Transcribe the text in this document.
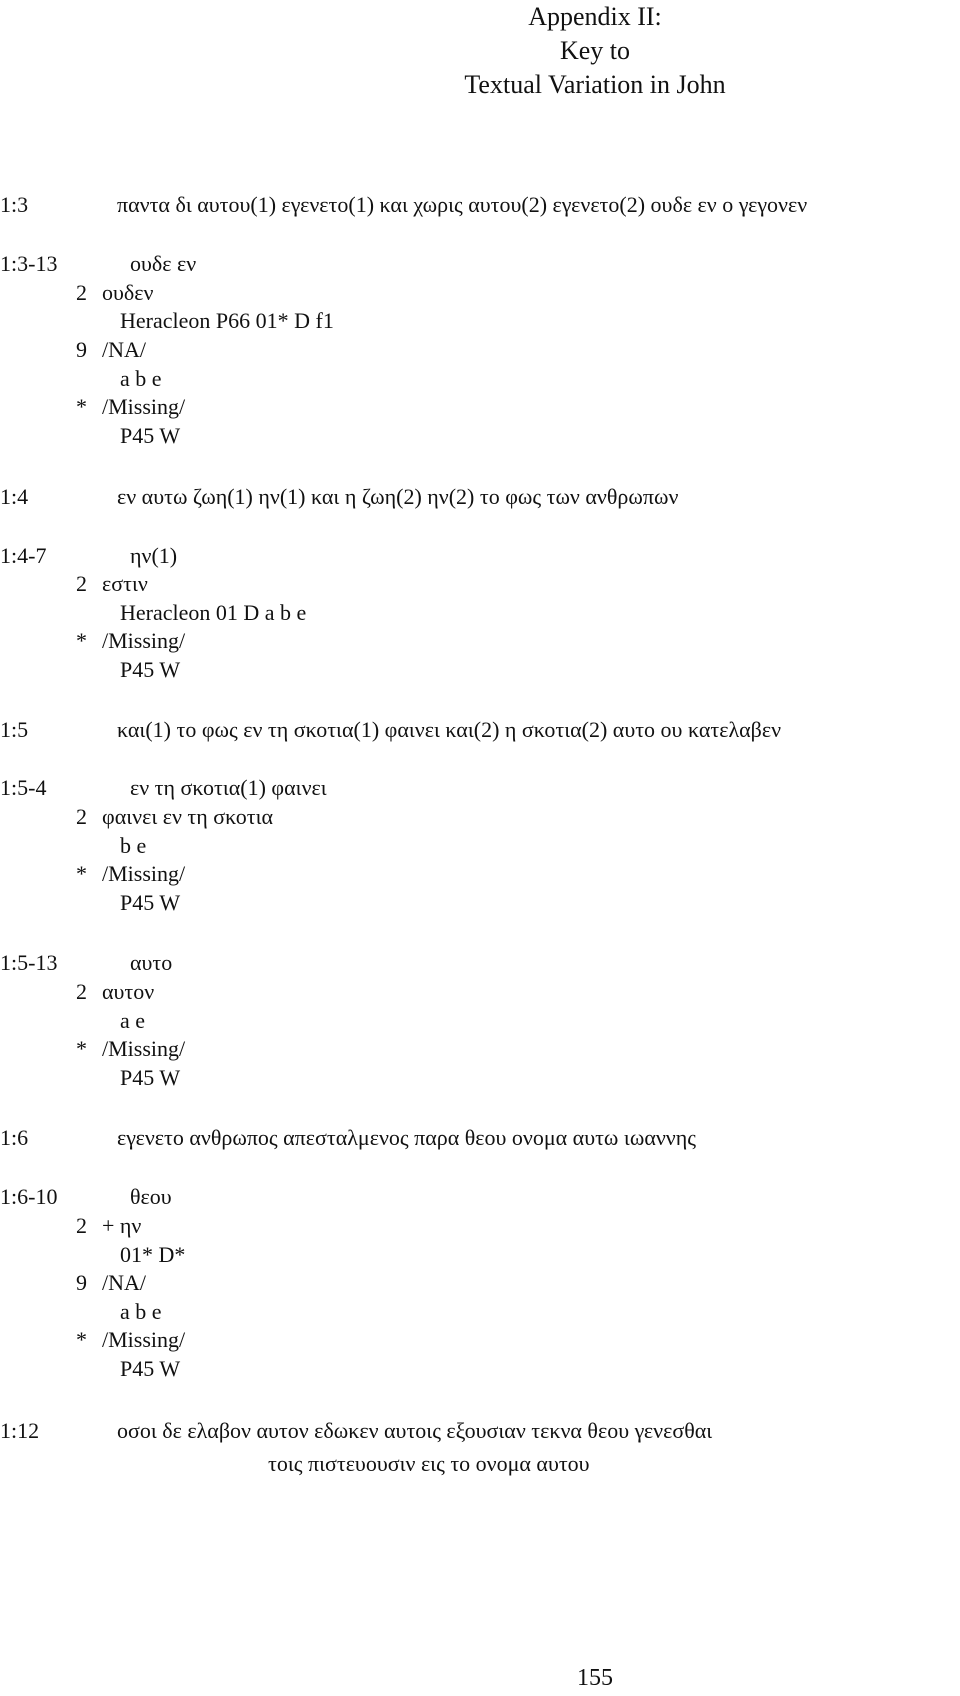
Appendix II:
Key to
Textual Variation in John
1:3	παντα δι αυτου(1) εγενετο(1) και χωρις αυτου(2) εγενετο(2) ουδε εν ο γεγονεν
1:3-13	ουδε εν
2 ουδεν
Heracleon P66 01* D f1
9 /NA/
a b e
* /Missing/
P45 W
1:4	εν αυτω ζωη(1) ην(1) και η ζωη(2) ην(2) το φως των ανθρωπων
1:4-7	ην(1)
2 εστιν
Heracleon 01 D a b e
* /Missing/
P45 W
1:5	και(1) το φως εν τη σκοτια(1) φαινει και(2) η σκοτια(2) αυτο ου κατελαβεν
1:5-4	εν τη σκοτια(1) φαινει
2 φαινει εν τη σκοτια
b e
* /Missing/
P45 W
1:5-13	αυτο
2 αυτον
a e
* /Missing/
P45 W
1:6	εγενετο ανθρωπος απεσταλμενος παρα θεου ονομα αυτω ιωαννης
1:6-10	θεου
2 + ην
01* D*
9 /NA/
a b e
* /Missing/
P45 W
1:12	οσοι δε ελαβον αυτον εδωκεν αυτοις εξουσιαν τεκνα θεου γενεσθαι
τοις πιστευουσιν εις το ονομα αυτου
155
